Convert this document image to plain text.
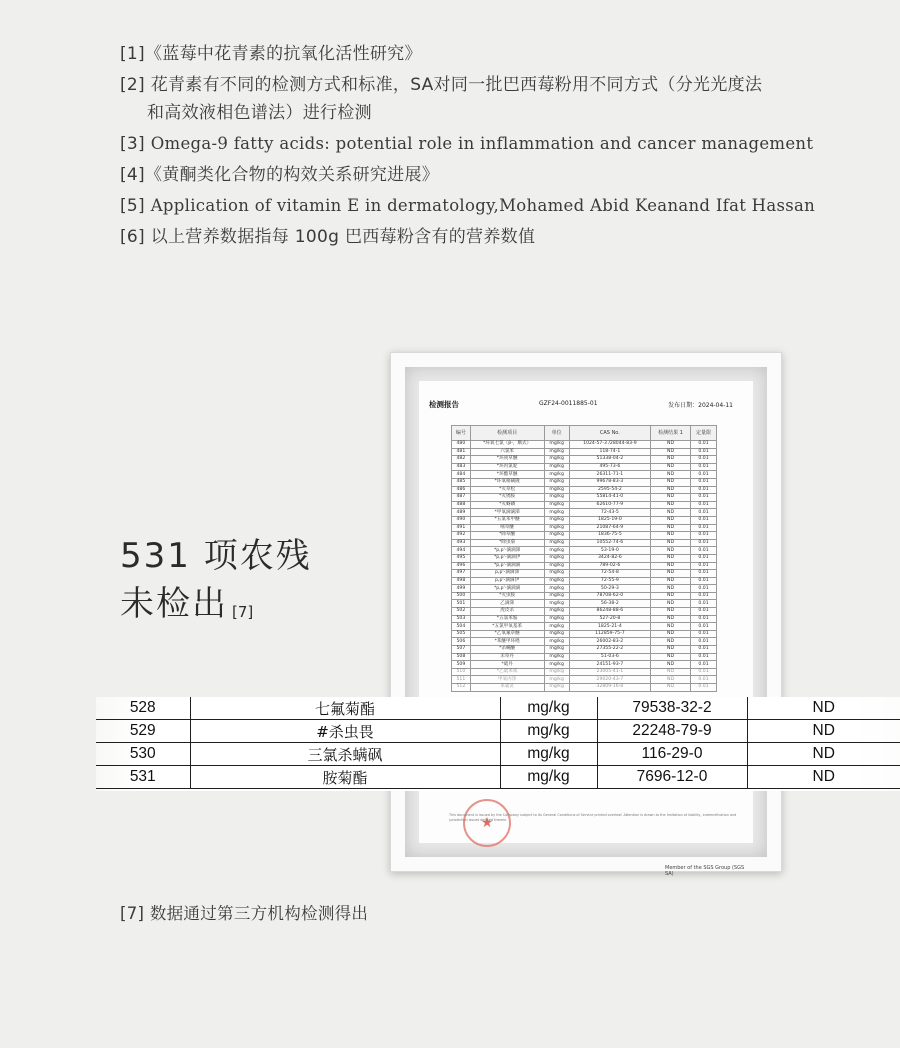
[1]《蓝莓中花青素的抗氧化活性研究》
[2] 花青素有不同的检测方式和标准，SA对同一批巴西莓粉用不同方式（分光光度法
和高效液相色谱法）进行检测
[3] Omega-9 fatty acids: potential role in inflammation and cancer management
[4]《黄酮类化合物的构效关系研究进展》
[5] Application of vitamin E in dermatology,Mohamed Abid Keanand Ifat Hassan
[6] 以上营养数据指每 100g 巴西莓粉含有的营养数值
检测报告	GZF24-0011885-01	发布日期：2024-04-11
编号	检测项目	单位	CAS No.	检测结果 1	定量限
480	*环氧七氯（β-，顺式）	mg/kg	1024-57-3 /28044-83-9	ND	0.01
481	六氯苯	mg/kg	118-74-1	ND	0.01
482	*环庚草醚	mg/kg	51338-04-2	ND	0.01
483	*环丙氯啶	mg/kg	495-73-6	ND	0.01
484	*环酯草醚	mg/kg	26311-71-1	ND	0.01
485	*环氧嘧磺隆	mg/kg	99678-83-3	ND	0.01
486	*灭草松	mg/kg	2595-54-2	ND	0.01
487	*灭锈胺	mg/kg	55814-41-0	ND	0.01
488	*灭蚜磷	mg/kg	62610-77-9	ND	0.01
489	*甲氧滴滴涕	mg/kg	72-43-5	ND	0.01
490	*五氯苯甲醚	mg/kg	1825-19-0	ND	0.01
491	嘧草醚	mg/kg	21087-64-9	ND	0.01
492	*除草醚	mg/kg	1836-75-5	ND	0.01
493	*除虫菊	mg/kg	10552-74-6	ND	0.01
494	*p,p'-滴滴涕	mg/kg	53-19-0	ND	0.01
495	*p,p'-滴滴伊	mg/kg	3424-82-6	ND	0.01
496	*p,p'-滴滴滴	mg/kg	789-02-6	ND	0.01
497	p,p'-滴滴涕	mg/kg	72-54-8	ND	0.01
498	p,p'-滴滴伊	mg/kg	72-55-9	ND	0.01
499	*p,p'-滴滴滴	mg/kg	50-29-3	ND	0.01
500	*灭虫胺	mg/kg	78708-62-0	ND	0.01
501	乙滴涕	mg/kg	56-38-2	ND	0.01
502	虎皮杀	mg/kg	86248-88-6	ND	0.01
503	*五氯苯胺	mg/kg	527-20-8	ND	0.01
504	*五氯甲氧基苯	mg/kg	1825-21-4	ND	0.01
505	*乙氧氟草醚	mg/kg	112859-75-7	ND	0.01
506	*苯醚甲环唑	mg/kg	26002-83-2	ND	0.01
507	*杀螨醚	mg/kg	27355-22-2	ND	0.01
508	禾草丹	mg/kg	51-03-6	ND	0.01
509	*硫丹	mg/kg	24151-93-7	ND	0.01
510	*乙硫苯威	mg/kg	23005-41-1	ND	0.01
511	甲氧丙净	mg/kg	29020-43-7	ND	0.01
512	苯霜灵	mg/kg	32809-16-8	ND	0.01
★
This document is issued by the Company subject to its General Conditions of Service printed overleaf. Attention is drawn to the limitation of liability, indemnification and jurisdiction issues defined therein.
Member of the SGS Group (SGS SA)
531 项农残
未检出 [7]
528	七氟菊酯	mg/kg	79538-32-2	ND
529	#杀虫畏	mg/kg	22248-79-9	ND
530	三氯杀螨砜	mg/kg	116-29-0	ND
531	胺菊酯	mg/kg	7696-12-0	ND
[7] 数据通过第三方机构检测得出
